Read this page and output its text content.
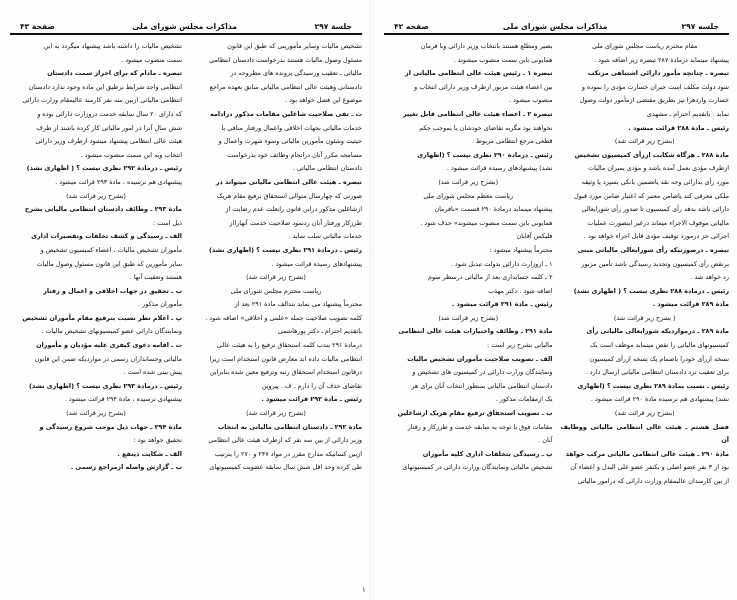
جلسة ۲۹۷
مذاکرات مجلس شورای ملی
صفحة ۴۳

تشخیص مالیات وسایر مأمورینی که طبق این قانون

مسئول وصول مالیات هستند بدرخواست دادستان انتظامی

مالیاتی ـ تعقیب ورسیدگی پرونده های مطروحه در

دادستانی وهیئت عالی انتظامی مالیاتی سابق بعهده مراجع

موضوع این فصل خواهد بود .

ث ـ نفی صلاحیت شاغلین مقامات مذکور درادامه

خدمات مالیاتی بجهات اخلاقی واعمال ورفتار منافی با

حیثیت وشئون مأمورین مالیاتی وسوء شهرت واعمال و

مسامحه مکرر آنان درانجام وظائف خود بدرخواست

دادستان انتظامی مالیاتی .

تبصره ـ هیئت عالی انتظامی مالیاتی میتواند در

صورتی که چهارسال متوالی استحقاق ترفیع مقام هریک

ازشاغلین مذکور دراین قانون رابعلت عدم رضایت از

طرزکار ورفتار آنان ردنمود صلاحیت خدمت آنهارااز

خدمات مالیاتی سلب نماید .

رئیس ـ درمادة ۲۹۱ نظری نیست ؟ (اظهاری نشد)

پیشنهادهای رسیده قرائت میشود .

(بشرح زیر قرائت شد)

ریاست محترم مجلس شورای ملی

محترماً پیشنهاد می نماید بندالف مادة ۲۹۱ بعد از

کلمه تصویب صلاحیت جمله «علمی و اخلاقی» اضافه شود .

باتقدیم احترام ـ دکتر پورهاشمی

درمادة ۲۹۱ بندب کلمه استحقاق ترفیع را به هیئت عالی

انتظامی مالیات داده اند معارض قانون استخدام است زیرا

درقانون استخدام استحقاق رتبه وترفیع معین شده بنابراین

تقاضای حذف آن را دارم . ف . پیروین

رئیس ـ مادة ۲۹۲ قرائت میشود .

(بشرح زیر قرائت شد)

مادة ۲۹۲ ـ دادستان انتظامی مالیاتی به انتخاب

وزیر دارائی از بین سه نفر که ازطرف هیئت عالی انتظامی

ازبین کسانیکه مدارج مقرر در مواد ۲۴۷ و ۲۷۰ را بترتیب

طی کرده وحد اقل شش سال سابقه عضویت کمیسیونهای

تشخیص مالیات را داشته باشد پیشنهاد میگردد به این

سمت منصوب میشود .

تبصره ـ مادام که برای احراز سمت دادستان

انتظامی واجد شرایط برطبق این ماده وجود ندارد دادستان

انتظامی مالیاتی ازبین سه نفر کارمند عالیمقام وزارت دارائی

که دارای ۲۰ سال سابقه خدمت دروزارت دارائی بوده و

شش سال آنرا در امور مالیاتی کار کرده باشند از طرف

هیئت عالی انتظامی پیشنهاد میشود ازطرف وزیر دارائی

انتخاب وبه این سمت منصوب میشود .

رئیس ـ درمادة ۲۹۲ نظری نیست ؟ ( اظهاری نشد)

پیشنهادی هم نرسیده ، مادة ۲۹۳ قرائت میشود .

(بشرح زیر قرائت شد)

مادة ۲۹۳ ـ وظائف دادستان انتظامی مالیاتی بشرح

ذیل است :

الف ـ رسیدگی و کشف تخلفات وتقصیرات اداری

مأموران تشخیص مالیات ، اعضاء کمیسیون تشخیص و

سایر مأمورین که طبق این قانون مسئول وصول مالیات

هستند وتعقیب آنها .

ب ـ تحقیق در جهات اخلاقی و اعمال و رفتار

مأموران مذکور .

پ ـ اعلام نظر نسبت بترفیع مقام مأموران تشخیص

ونمایندگان دارائی عضو کمیسیونهای تشخیص مالیات .

ت ـ اقامه دعوی کیفری علیه مؤدیان و مأموران

مالیاتی وحسابداران رسمی در مواردیکه ضمن این قانون

پیش بینی شده است .

رئیس ـ درمادة ۲۹۳ نظری نیست ؟ (اظهاری نشد)

پیشنهادی نرسیده ، مادة ۲۹۴ قرائت میشود .

(بشرح زیر قرائت شد)

مادة ۲۹۴ ـ جهات ذیل موجب شروع رسیدگی و

تحقیق خواهد بود :

الف ـ شکایت ذینفع .

ب ـ گزارش واصله ازمراجع رسمی .

جلسه ۲۹۷
مذاکرات مجلس شورای ملی
صفحه ۴۲

مقام محترم ریاست مجلس شورای ملی

پیشنهاد مینماید درمادة ۲۸۷ تبصره زیر اضافه شود .

تبصره ـ چنانچه مأمور دارائی اشتباهی مرتکب

شود دولت مکلف است جبران خسارت مؤدی را نموده و

خسارت واردهرا نیز بطریق مقتضی ازمأمور دولت وصول

نماید . باتقدیم احترام ـ مشهدی

رئیس ـ مادة ۲۸۸ قرائت میشود .

(بشرح زیر قرائت شد)

مادة ۲۸۸ ـ هرگاه شکایت ازرأی کمیسیون تشخیص

ازطرف مؤدی بعمل آمده باشد و مؤدی بمیزان مالیات

مورد رأی بدارائی وجه نقد یاتضمین بانکی بسپرد یا وثیقه

ملکی معرفی کند یاضامن معتبر که اعتبار ضامن مورد قبول

دارائی باشد بدهد رأی کمیسیون تا صدور رأی شورایعالی

مالیاتی موقوف الاجراء میماند درغیر اینصورت عملیات

اجرائی جز درمورد توقیف مؤدی قابل اجراء خواهد بود .

تبصره ـ درصورتیکه رأی شورایعالی مالیاتی مبنی

برنقض رأی کمیسیون وتجدید رسیدگی باشد تأمین مزبور

رد خواهد شد .

رئیس ـ درمادة ۲۸۸ نظری نیست ؟ ( اظهاری نشد)

مادة ۲۸۹ قرائت میشود .

( بشرح زیر قرائت شد)

مادة ۲۸۹ ـ درمواردیکه شورایعالی مالیاتی رأی

کمیسیونهای مالیاتی را نقض مینماید موظف است یک

نسخه ازرأی خودرا باضمام یک نسخه ازرأی کمیسیون

برای تعقیب نزد دادستان انتظامی مالیاتی ارسال دارد .

رئیس ـ نسبت بمادة ۲۸۹ نظری نیست ؟ (اظهاری

نشد) پیشنهادی هم نرسیده مادة ۲۹۰ قرائت میشود .

(بشرح زیر قرائت شد)

فصل هشتم ـ هیئت عالی انتظامی مالیاتی ووظایف آن

مادة ۲۹۰ ـ هیئت عالی انتظامی مالیاتی مرکب خواهد

بود از ۳ نفر عضو اصلی و یکنفر عضو علی البدل و اعضاء آن

از بین کارمندان عالیمقام وزارت دارائی که درامور مالیاتی

بصیر ومطلع هستند بانتخاب وزیر دارائی وبا فرمان

همایونی باین سمت منصوب میشوند .

تبصره ۱ ـ رئیس هیئت عالی انتظامی مالیاتی از

بین اعضاء هیئت مزبور ازطرف وزیر دارائی انتخاب و

منصوب میشود .

تبصره ۲ ـ اعضاء هیئت عالی انتظامی قابل تغییر

نخواهند بود مگربه تقاضای خودشان یا بموجب حکم

قطعی مرجع انتظامی مربوط .

رئیس ـ درمادة ۲۹۰ نظری نیست ؟ (اظهاری

نشد) پیشنهادهای رسیده قرائت میشود .

(بشرح زیر قرائت شد)

ریاست معظم مجلس شورای ملی

پیشنهاد مینماید درمادة ۲۹۰ قسمت «بافرمان

همایونی باین سمت منصوب میشوند» حذف شود .

فلیکس آقایان

محترماً پیشنهاد میشود :

۱ ـ ازوزارت دارائی بدولت تبدیل شود .

۲ ـ کلمه حسابداری بعد از مالیاتی درسطر سوم

اضافه شود . دکتر مهذب

رئیس ـ مادة ۲۹۱ قرائت میشود .

(بشرح زیر قرائت شد)

مادة ۲۹۱ ـ وظائف واختیارات هیئت عالی انتظامی

مالیاتی بشرح زیر است :

الف ـ تصویب صلاحیت مأموران تشخیص مالیات

ونمایندگان وزارت دارائی در کمیسیون های تشخیص و

دادستان انتظامی مالیاتی بمنظور انتخاب آنان برای هر

یک ازمقامات مذکور .

ب ـ تصویب استحقاق ترفیع مقام هریک ازشاغلین

مقامات فوق با توجه به سابقه خدمت و طرزکار و رفتار

آنان .

پ ـ رسیدگی بتخلفات اداری کلیه مأموران

تشخیص مالیاتی ونمایندگان وزارت دارائی در کمیسیونهای

۱
